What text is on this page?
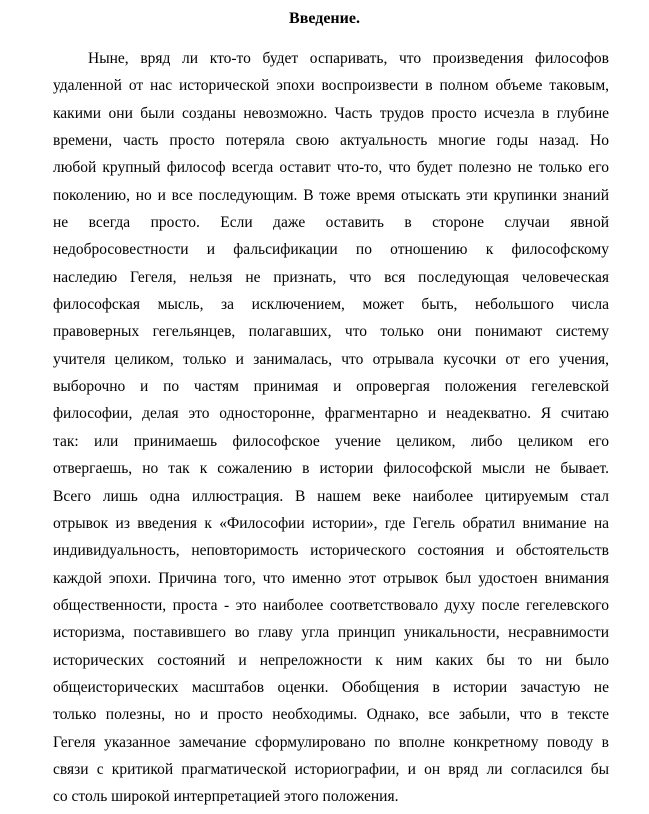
Введение.
Ныне, вряд ли кто-то будет оспаривать, что произведения философов
удаленной от нас исторической эпохи воспроизвести в полном объеме таковым,
какими они были созданы невозможно. Часть трудов просто исчезла в глубине
времени, часть просто потеряла свою актуальность многие годы назад. Но
любой крупный философ всегда оставит что-то, что будет полезно не только его
поколению, но и все последующим. В тоже время отыскать эти крупинки знаний
не всегда просто. Если даже оставить в стороне случаи явной
недобросовестности и фальсификации по отношению к философскому
наследию Гегеля, нельзя не признать, что вся последующая человеческая
философская мысль, за исключением, может быть, небольшого числа
правоверных гегельянцев, полагавших, что только они понимают систему
учителя целиком, только и занималась, что отрывала кусочки от его учения,
выборочно и по частям принимая и опровергая положения гегелевской
философии, делая это односторонне, фрагментарно и неадекватно. Я считаю
так: или принимаешь философское учение целиком, либо целиком его
отвергаешь, но так к сожалению в истории философской мысли не бывает.
Всего лишь одна иллюстрация. В нашем веке наиболее цитируемым стал
отрывок из введения к «Философии истории», где Гегель обратил внимание на
индивидуальность, неповторимость исторического состояния и обстоятельств
каждой эпохи. Причина того, что именно этот отрывок был удостоен внимания
общественности, проста - это наиболее соответствовало духу после гегелевского
историзма, поставившего во главу угла принцип уникальности, несравнимости
исторических состояний и непреложности к ним каких бы то ни было
общеисторических масштабов оценки. Обобщения в истории зачастую не
только полезны, но и просто необходимы. Однако, все забыли, что в тексте
Гегеля указанное замечание сформулировано по вполне конкретному поводу в
связи с критикой прагматической историографии, и он вряд ли согласился бы
со столь широкой интерпретацией этого положения.
